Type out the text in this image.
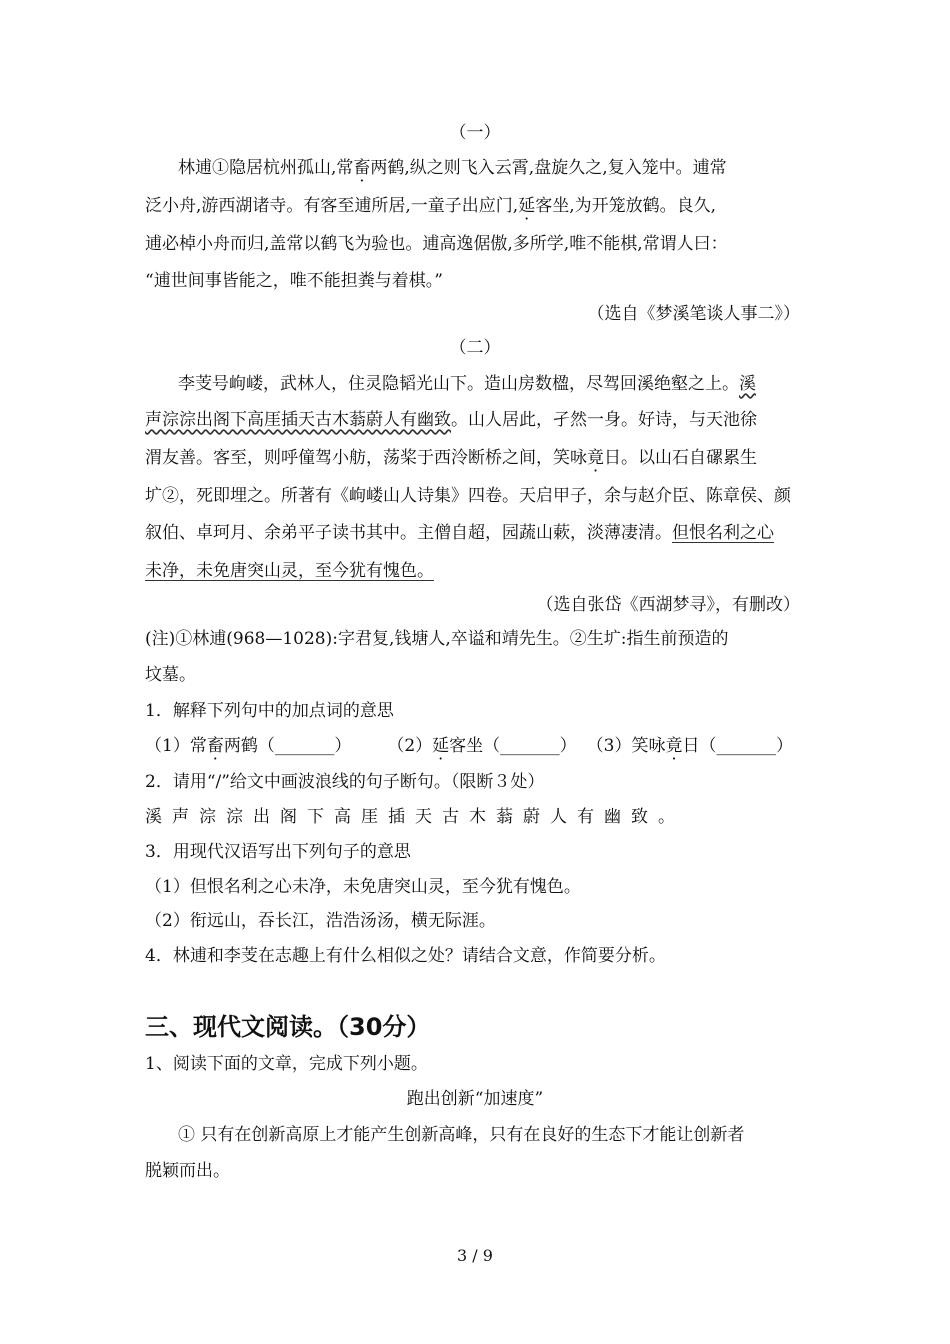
（一）
林逋①隐居杭州孤山,常畜两鹤,纵之则飞入云霄,盘旋久之,复入笼中。逋常
泛小舟,游西湖诸寺。有客至逋所居,一童子出应门,延客坐,为开笼放鹤。良久,
逋必棹小舟而归,盖常以鹤飞为验也。逋高逸倨傲,多所学,唯不能棋,常谓人曰：
“逋世间事皆能之，唯不能担粪与着棋。”
（选自《梦溪笔谈人事二》）
（二）
李芰号岣嵝，武林人，住灵隐韬光山下。造山房数楹，尽驾回溪绝壑之上。溪
声淙淙出阁下高厓插天古木蓊蔚人有幽致。山人居此，孑然一身。好诗，与天池徐
渭友善。客至，则呼僮驾小舫，荡桨于西泠断桥之间，笑咏竟日。以山石自磥累生
圹②，死即埋之。所著有《岣嵝山人诗集》四卷。天启甲子，余与赵介臣、陈章侯、颜
叙伯、卓珂月、余弟平子读书其中。主僧自超，园蔬山蔌，淡薄凄清。但恨名利之心
未净，未免唐突山灵，至今犹有愧色。
（选自张岱《西湖梦寻》，有删改）
(注)①林逋(968—1028):字君复,钱塘人,卒谥和靖先生。②生圹:指生前预造的
坟墓。
1．解释下列句中的加点词的意思
（1）常畜两鹤（_______） （2）延客坐（_______） （3）笑咏竟日（_______）
2．请用“/”给文中画波浪线的句子断句。（限断３处）
溪声淙淙出阁下高厓插天古木蓊蔚人有幽致。
3．用现代汉语写出下列句子的意思
（1）但恨名利之心未净，未免唐突山灵，至今犹有愧色。
（2）衔远山，吞长江，浩浩汤汤，横无际涯。
4．林逋和李芰在志趣上有什么相似之处？请结合文意，作简要分析。
三、现代文阅读。（30分）
1、阅读下面的文章，完成下列小题。
跑出创新“加速度”
① 只有在创新高原上才能产生创新高峰，只有在良好的生态下才能让创新者
脱颖而出。
3 / 9
